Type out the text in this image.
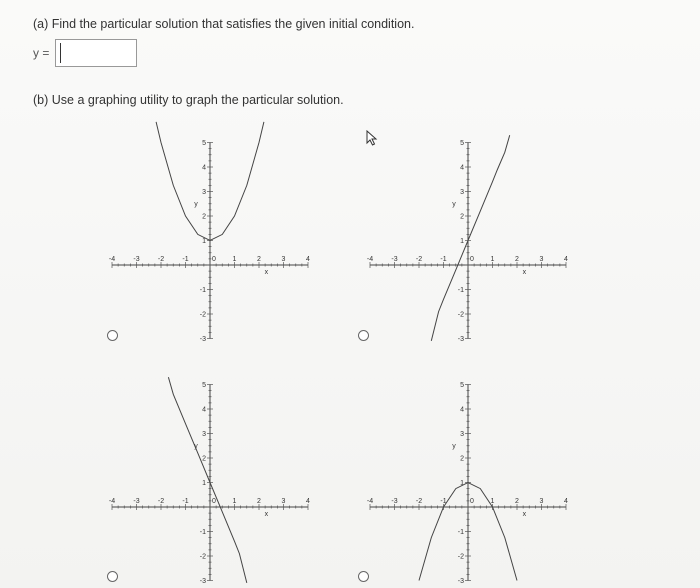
(a) Find the particular solution that satisfies the given initial condition.
y =
(b) Use a graphing utility to graph the particular solution.
-4	-3	-2	-1	0 1	2	3	4
5
4
3
2
1
-1
-2
-3
x
y
-4	-3	-2	-1	0 1	2	3	4
5
4
3
2
1
-1
-2
-3
x
y
-4	-3	-2	-1	0 1	2	3	4
5
4
3
2
1
-1
-2
-3
x
y
-4	-3	-2	-1	0 1	2	3	4
5
4
3
2
1
-1
-2
-3
x
y
